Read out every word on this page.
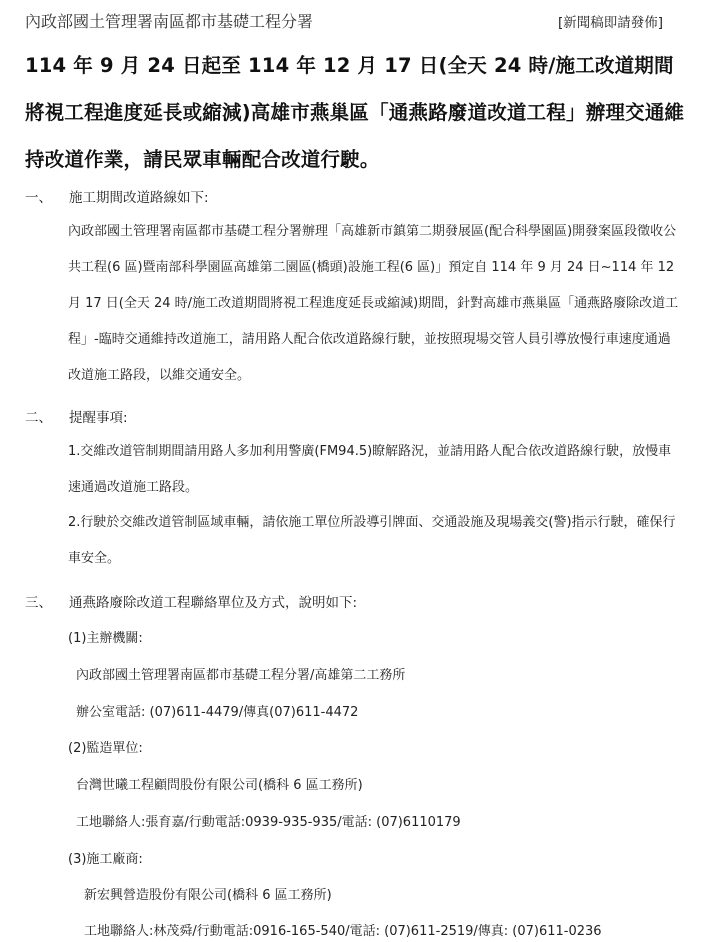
內政部國土管理署南區都市基礎工程分署	[新聞稿即請發佈]
114 年 9 月 24 日起至 114 年 12 月 17 日(全天 24 時/施工改道期間將視工程進度延長或縮減)高雄市燕巢區「通燕路廢道改道工程」辦理交通維持改道作業，請民眾車輛配合改道行駛。
一、 施工期間改道路線如下:
內政部國土管理署南區都市基礎工程分署辦理「高雄新市鎮第二期發展區(配合科學園區)開發案區段徵收公共工程(6 區)暨南部科學園區高雄第二園區(橋頭)設施工程(6 區)」預定自 114 年 9 月 24 日~114 年 12 月 17 日(全天 24 時/施工改道期間將視工程進度延長或縮減)期間，針對高雄市燕巢區「通燕路廢除改道工程」-臨時交通維持改道施工，請用路人配合依改道路線行駛，並按照現場交管人員引導放慢行車速度通過改道施工路段，以維交通安全。
二、 提醒事項:
1.交維改道管制期間請用路人多加利用警廣(FM94.5)瞭解路況，並請用路人配合依改道路線行駛，放慢車速通過改道施工路段。
2.行駛於交維改道管制區域車輛，請依施工單位所設導引牌面、交通設施及現場義交(警)指示行駛，確保行車安全。
三、 通燕路廢除改道工程聯絡單位及方式，說明如下:
(1)主辦機關:
內政部國土管理署南區都市基礎工程分署/高雄第二工務所
辦公室電話: (07)611-4479/傳真(07)611-4472
(2)監造單位:
台灣世曦工程顧問股份有限公司(橋科 6 區工務所)
工地聯絡人:張育嘉/行動電話:0939-935-935/電話: (07)6110179
(3)施工廠商:
新宏興營造股份有限公司(橋科 6 區工務所)
工地聯絡人:林茂舜/行動電話:0916-165-540/電話: (07)611-2519/傳真: (07)611-0236
